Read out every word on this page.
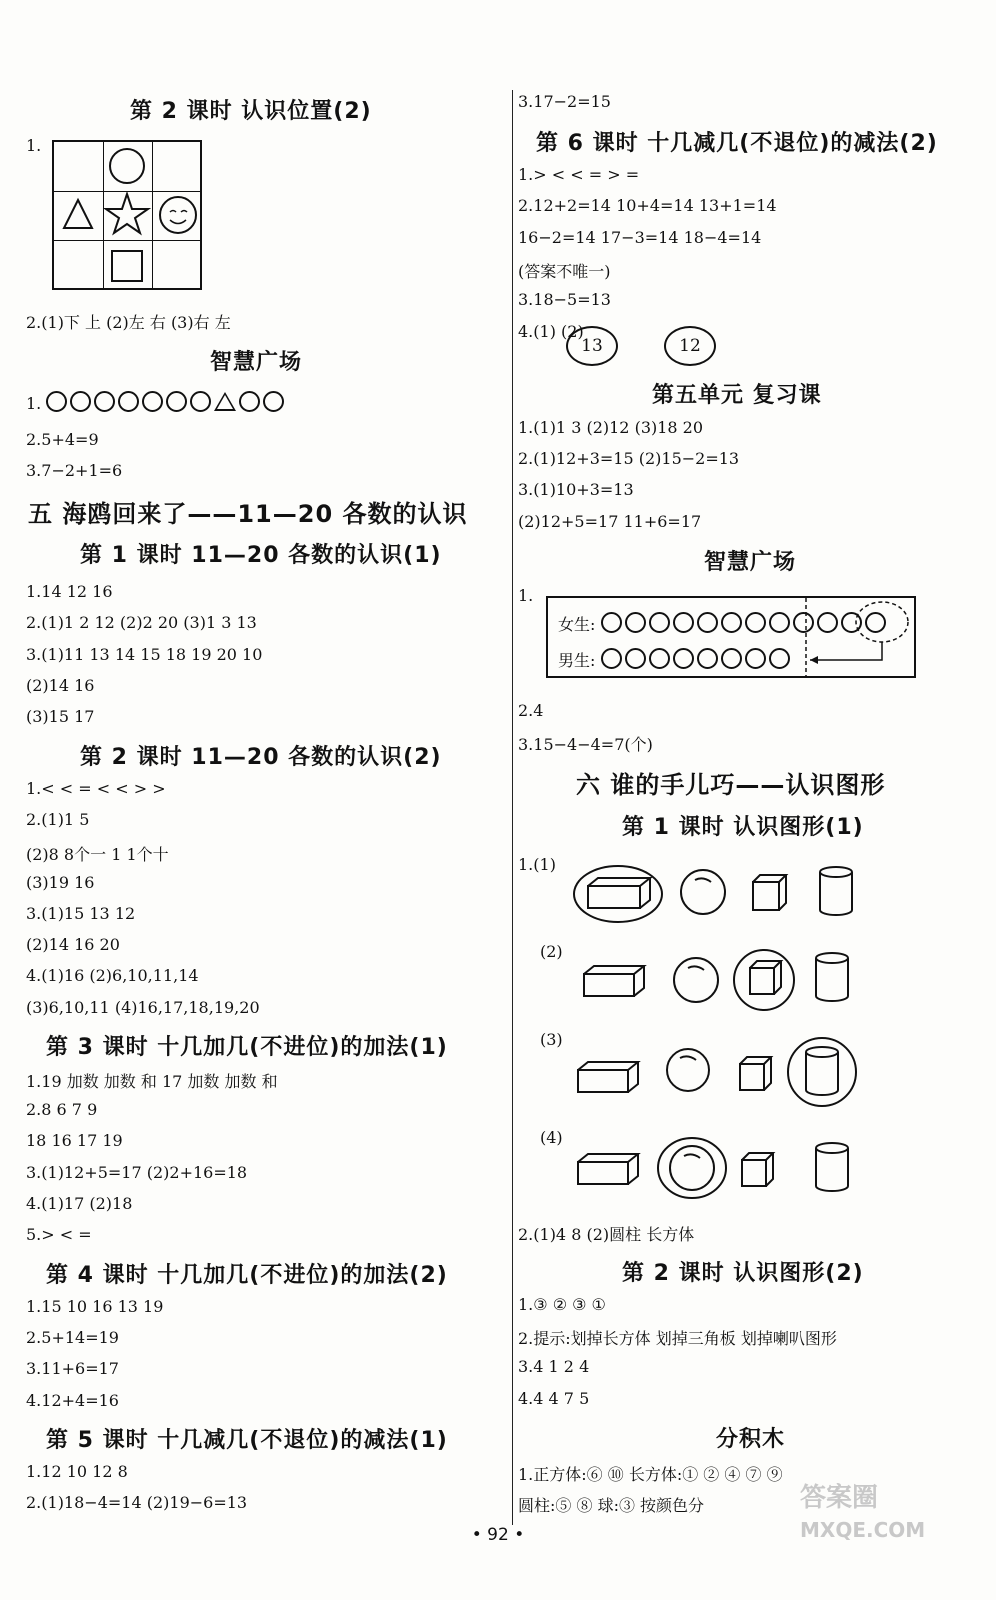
第 2 课时 认识位置(2)
1.
2.(1)下 上 (2)左 右 (3)右 左
智慧广场
1.
2.5+4=9
3.7−2+1=6
五 海鸥回来了——11—20 各数的认识
第 1 课时 11—20 各数的认识(1)
1.14 12 16
2.(1)1 2 12 (2)2 20 (3)1 3 13
3.(1)11 13 14 15 18 19 20 10
(2)14 16
(3)15 17
第 2 课时 11—20 各数的认识(2)
1.< < = < < > >
2.(1)1 5
(2)8 8个一 1 1个十
(3)19 16
3.(1)15 13 12
(2)14 16 20
4.(1)16 (2)6,10,11,14
(3)6,10,11 (4)16,17,18,19,20
第 3 课时 十几加几(不进位)的加法(1)
1.19 加数 加数 和 17 加数 加数 和
2.8 6 7 9
18 16 17 19
3.(1)12+5=17 (2)2+16=18
4.(1)17 (2)18
5.> < =
第 4 课时 十几加几(不进位)的加法(2)
1.15 10 16 13 19
2.5+14=19
3.11+6=17
4.12+4=16
第 5 课时 十几减几(不退位)的减法(1)
1.12 10 12 8
2.(1)18−4=14 (2)19−6=13
3.17−2=15
第 6 课时 十几减几(不退位)的减法(2)
1.> < < = > =
2.12+2=14 10+4=14 13+1=14
16−2=14 17−3=14 18−4=14
(答案不唯一)
3.18−5=13
4.(1) (2)
13	12
第五单元 复习课
1.(1)1 3 (2)12 (3)18 20
2.(1)12+3=15 (2)15−2=13
3.(1)10+3=13
(2)12+5=17 11+6=17
智慧广场
1.
女生:
男生:
2.4
3.15−4−4=7(个)
六 谁的手儿巧——认识图形
第 1 课时 认识图形(1)
1.(1)
(2)
(3)
(4)
2.(1)4 8 (2)圆柱 长方体
第 2 课时 认识图形(2)
1.③ ② ③ ①
2.提示:划掉长方体 划掉三角板 划掉喇叭图形
3.4 1 2 4
4.4 4 7 5
分积木
1.正方体:⑥ ⑩ 长方体:① ② ④ ⑦ ⑨
圆柱:⑤ ⑧ 球:③ 按颜色分
• 92 •
答案圈
MXQE.COM
